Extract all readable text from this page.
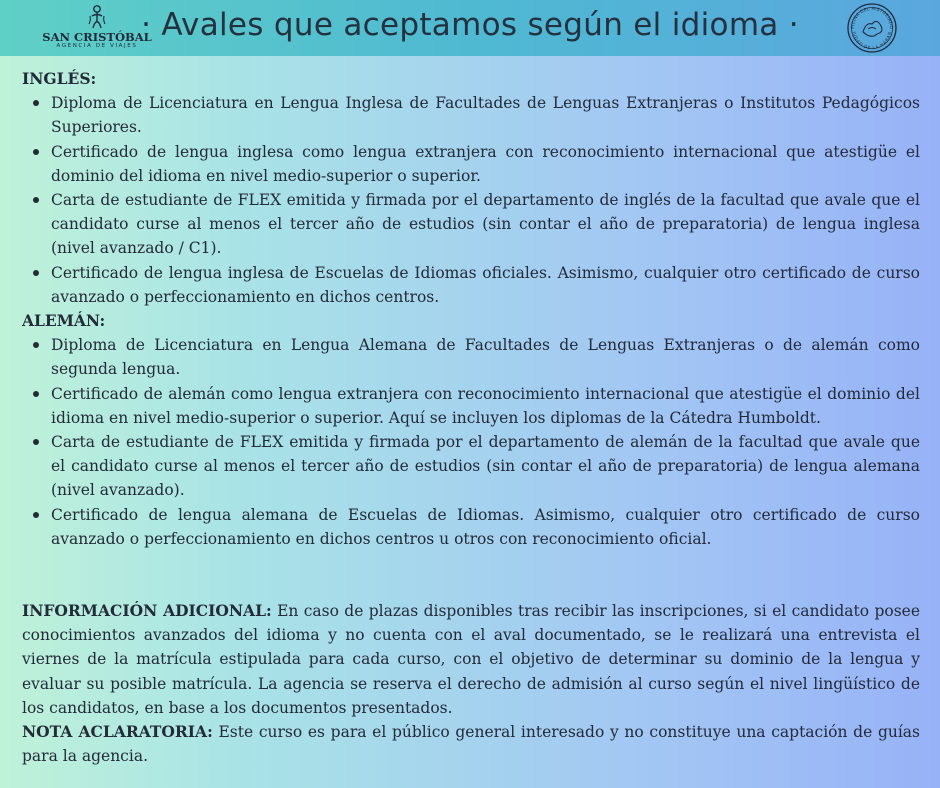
SAN CRISTÓBAL
AGENCIA DE VIAJES
· Avales que aceptamos según el idioma ·	FICINA DEL HISTORIADO
IUDAD DE LA HABAN

INGLÉS:

Diploma de Licenciatura en Lengua Inglesa de Facultades de Lenguas Extranjeras o Institutos Pedagógicos Superiores.
Certificado de lengua inglesa como lengua extranjera con reconocimiento internacional que atestigüe el dominio del idioma en nivel medio-superior o superior.
Carta de estudiante de FLEX emitida y firmada por el departamento de inglés de la facultad que avale que el candidato curse al menos el tercer año de estudios (sin contar el año de preparatoria) de lengua inglesa (nivel avanzado / C1).
Certificado de lengua inglesa de Escuelas de Idiomas oficiales. Asimismo, cualquier otro certificado de curso avanzado o perfeccionamiento en dichos centros.

ALEMÁN:

Diploma de Licenciatura en Lengua Alemana de Facultades de Lenguas Extranjeras o de alemán como segunda lengua.
Certificado de alemán como lengua extranjera con reconocimiento internacional que atestigüe el dominio del idioma en nivel medio-superior o superior. Aquí se incluyen los diplomas de la Cátedra Humboldt.
Carta de estudiante de FLEX emitida y firmada por el departamento de alemán de la facultad que avale que el candidato curse al menos el tercer año de estudios (sin contar el año de preparatoria) de lengua alemana (nivel avanzado).
Certificado de lengua alemana de Escuelas de Idiomas. Asimismo, cualquier otro certificado de curso avanzado o perfeccionamiento en dichos centros u otros con reconocimiento oficial.

INFORMACIÓN ADICIONAL: En caso de plazas disponibles tras recibir las inscripciones, si el candidato posee conocimientos avanzados del idioma y no cuenta con el aval documentado, se le realizará una entrevista el viernes de la matrícula estipulada para cada curso, con el objetivo de determinar su dominio de la lengua y evaluar su posible matrícula. La agencia se reserva el derecho de admisión al curso según el nivel lingüístico de los candidatos, en base a los documentos presentados.

NOTA ACLARATORIA: Este curso es para el público general interesado y no constituye una captación de guías para la agencia.
